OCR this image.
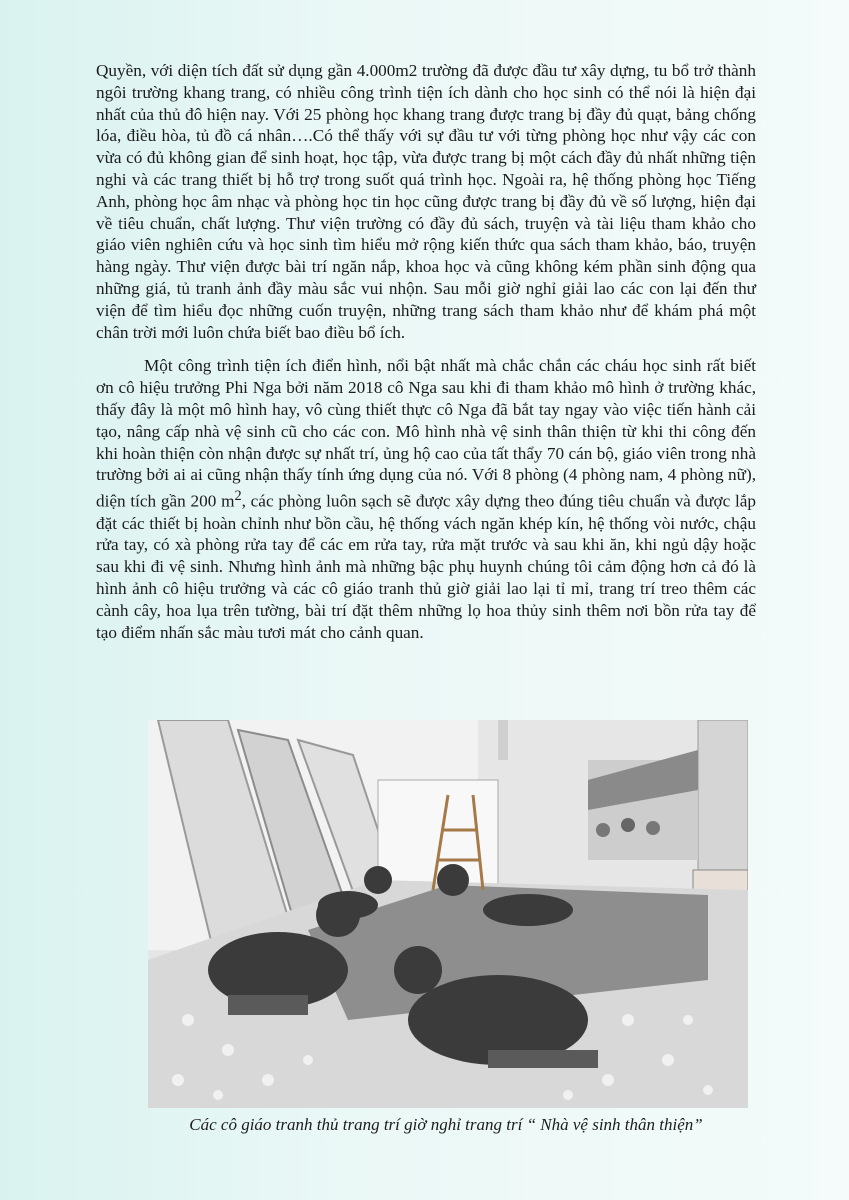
Quyền, với diện tích đất sử dụng gần 4.000m2 trường đã được đầu tư xây dựng, tu bổ trở thành ngôi trường khang trang, có nhiều công trình tiện ích dành cho học sinh có thể nói là hiện đại nhất của thủ đô hiện nay. Với 25 phòng học khang trang được trang bị đầy đủ quạt, bảng chống lóa, điều hòa, tủ đồ cá nhân….Có thể thấy với sự đầu tư với từng phòng học như vậy các con vừa có đủ không gian để sinh hoạt, học tập, vừa được trang bị một cách đầy đủ nhất những tiện nghi và các trang thiết bị hỗ trợ trong suốt quá trình học. Ngoài ra, hệ thống phòng học Tiếng Anh, phòng học âm nhạc và phòng học tin học cũng được trang bị đầy đủ về số lượng, hiện đại về tiêu chuẩn, chất lượng. Thư viện trường có đầy đủ sách, truyện và tài liệu tham khảo cho giáo viên nghiên cứu và học sinh tìm hiểu mở rộng kiến thức qua sách tham khảo, báo, truyện hàng ngày. Thư viện được bài trí ngăn nắp, khoa học và cũng không kém phần sinh động qua những giá, tủ tranh ảnh đầy màu sắc vui nhộn. Sau mỗi giờ nghỉ giải lao các con lại đến thư viện để tìm hiểu đọc những cuốn truyện, những trang sách tham khảo như để khám phá một chân trời mới luôn chứa biết bao điều bổ ích.

Một công trình tiện ích điển hình, nổi bật nhất mà chắc chắn các cháu học sinh rất biết ơn cô hiệu trưởng Phi Nga bởi năm 2018 cô Nga sau khi đi tham khảo mô hình ở trường khác, thấy đây là một mô hình hay, vô cùng thiết thực cô Nga đã bắt tay ngay vào việc tiến hành cải tạo, nâng cấp nhà vệ sinh cũ cho các con. Mô hình nhà vệ sinh thân thiện từ khi thi công đến khi hoàn thiện còn nhận được sự nhất trí, ủng hộ cao của tất thẩy 70 cán bộ, giáo viên trong nhà trường bởi ai ai cũng nhận thấy tính ứng dụng của nó. Với 8 phòng (4 phòng nam, 4 phòng nữ), diện tích gần 200 $m^2$, các phòng luôn sạch sẽ được xây dựng theo đúng tiêu chuẩn và được lắp đặt các thiết bị hoàn chỉnh như bồn cầu, hệ thống vách ngăn khép kín, hệ thống vòi nước, chậu rửa tay, có xà phòng rửa tay để các em rửa tay, rửa mặt trước và sau khi ăn, khi ngủ dậy hoặc sau khi đi vệ sinh. Nhưng hình ảnh mà những bậc phụ huynh chúng tôi cảm động hơn cả đó là hình ảnh cô hiệu trưởng và các cô giáo tranh thủ giờ giải lao lại tỉ mỉ, trang trí treo thêm các cành cây, hoa lụa trên tường, bài trí đặt thêm những lọ hoa thủy sinh thêm nơi bồn rửa tay để tạo điểm nhấn sắc màu tươi mát cho cảnh quan.

Các cô giáo tranh thủ trang trí giờ nghỉ trang trí “ Nhà vệ sinh thân thiện”
